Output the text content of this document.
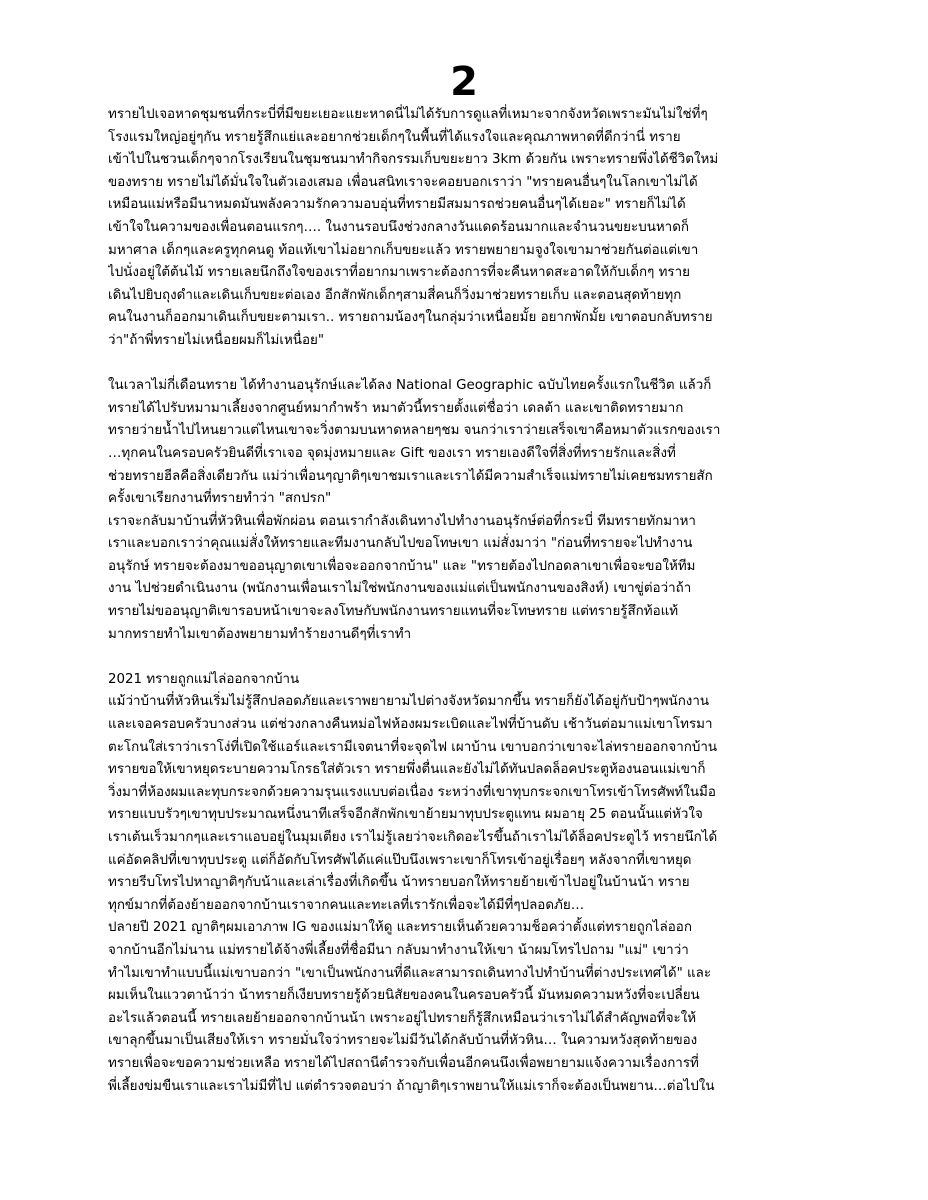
2
ทรายไปเจอหาดชุมชนที่กระบี่ที่มีขยะเยอะแยะหาดนี่ไม่ได้รับการดูแลที่เหมาะจากจังหวัดเพราะมันไม่ใช่ที่ๆ
โรงแรมใหญ่อยู่ๆกัน ทรายรู้สึกแย่และอยากช่วยเด็กๆในพื้นที่ได้แรงใจและคุณภาพหาดที่ดีกว่านี่ ทราย
เข้าไปในชวนเด็กๆจากโรงเรียนในชุมชนมาทำกิจกรรมเก็บขยะยาว 3km ด้วยกัน เพราะทรายพึ่งได้ชีวิตใหม่
ของทราย ทรายไม่ได้มั่นใจในตัวเองเสมอ เพื่อนสนิทเราจะคอยบอกเราว่า "ทรายคนอื่นๆในโลกเขาไม่ได้
เหมือนแม่หรือมีนาหมดมันพลังความรักความอบอุ่นที่ทรายมีสมมารถช่วยคนอื่นๆได้เยอะ" ทรายก็ไม่ได้
เข้าใจในความของเพื่อนตอนแรกๆ…. ในงานรอบนึงช่วงกลางวันแดดร้อนมากและจำนวนขยะบนหาดก็
มหาศาล เด็กๆและครูทุกคนดู ท้อแท้เขาไม่อยากเก็บขยะแล้ว ทรายพยายามจูงใจเขามาช่วยกันต่อแต่เขา
ไปนั่งอยู่ใต้ต้นไม้ ทรายเลยนึกถึงใจของเราที่อยากมาเพราะต้องการที่จะคืนหาดสะอาดให้กับเด็กๆ ทราย
เดินไปยิบถุงดำและเดินเก็บขยะต่อเอง อีกสักพักเด็กๆสามสี่คนก็วิ่งมาช่วยทรายเก็บ และตอนสุดท้ายทุก
คนในงานก็ออกมาเดินเก็บขยะตามเรา.. ทรายถามน้องๆในกลุ่มว่าเหนื่อยมั้ย อยากพักมั้ย เขาตอบกลับทราย
ว่า"ถ้าพี่ทรายไม่เหนื่อยผมก็ไม่เหนื่อย"
ในเวลาไม่กี่เดือนทราย ได้ทำงานอนุรักษ์และได้ลง National Geographic ฉบับไทยครั้งแรกในชีวิต แล้วก็
ทรายได้ไปรับหมามาเลี้ยงจากศูนย์หมากำพร้า หมาตัวนี้ทรายตั้งแต่ชื่อว่า เดลต้า และเขาติดทรายมาก
ทรายว่ายน้ำไปไหนยาวแต่ไหนเขาจะวิ่งตามบนหาดหลายๆชม จนกว่าเราว่ายเสร็จเขาคือหมาตัวแรกของเรา
…ทุกคนในครอบครัวยินดีที่เราเจอ จุดมุ่งหมายและ Gift ของเรา ทรายเองดีใจที่สิ่งที่ทรายรักและสิ่งที่
ช่วยทรายฮีลคือสิ่งเดียวกัน แม่ว่าเพื่อนๆญาติๆเขาชมเราและเราได้มีความสำเร็จแม่ทรายไม่เคยชมทรายสัก
ครั้งเขาเรียกงานที่ทรายทำว่า "สกปรก"
เราจะกลับมาบ้านที่หัวหินเพื่อพักผ่อน ตอนเรากำลังเดินทางไปทำงานอนุรักษ์ต่อที่กระบี่ ทีมทรายทักมาหา
เราและบอกเราว่าคุณแม่สั่งให้ทรายและทีมงานกลับไปขอโทษเขา แม่สั่งมาว่า "ก่อนที่ทรายจะไปทำงาน
อนุรักษ์ ทรายจะต้องมาขออนุญาตเขาเพื่อจะออกจากบ้าน" และ "ทรายต้องไปกอดลาเขาเพื่อจะขอให้ทีม
งาน ไปช่วยดำเนินงาน (พนักงานเพื่อนเราไม่ใช่พนักงานของแม่แต่เป็นพนักงานของสิงห์) เขาขู่ต่อว่าถ้า
ทรายไม่ขออนุญาติเขารอบหน้าเขาจะลงโทษกับพนักงานทรายแทนที่จะโทษทราย แต่ทรายรู้สึกท้อแท้
มากทรายทำไมเขาต้องพยายามทำร้ายงานดีๆที่เราทำ
2021 ทรายถูกแม่ไล่ออกจากบ้าน
แม้ว่าบ้านที่หัวหินเริ่มไม่รู้สึกปลอดภัยและเราพยายามไปต่างจังหวัดมากขึ้น ทรายก็ยังได้อยู่กับป้าๆพนักงาน
และเจอครอบครัวบางส่วน แต่ช่วงกลางคืนหม่อไฟห้องผมระเบิดและไฟที่บ้านดับ เช้าวันต่อมาแม่เขาโทรมา
ตะโกนใส่เราว่าเราโง่ที่เปิดใช้แอร์และเรามีเจตนาที่จะจุดไฟ เผาบ้าน เขาบอกว่าเขาจะไล่ทรายออกจากบ้าน
ทรายขอให้เขาหยุดระบายความโกรธใส่ตัวเรา ทรายพึ่งตื่นและยังไม่ได้ทันปลดล็อคประตูห้องนอนแม่เขาก็
วิ่งมาที่ห้องผมและทุบกระจกด้วยความรุนแรงแบบต่อเนื่อง ระหว่างที่เขาทุบกระจกเขาโทรเข้าโทรศัพท์ในมือ
ทรายแบบรัวๆเขาทุบประมาณหนึ่งนาทีเสร็จอีกสักพักเขาย้ายมาทุบประตูแทน ผมอายุ 25 ตอนนั้นแต่หัวใจ
เราเต้นเร็วมากๆและเราแอบอยู่ในมุมเตียง เราไม่รู้เลยว่าจะเกิดอะไรขึ้นถ้าเราไม่ได้ล็อคประตูไว้ ทรายนึกได้
แค่อัดคลิปที่เขาทุบประตู แต่ก็อัดกับโทรศัพได้แค่แป๊บนึงเพราะเขาก็โทรเข้าอยู่เรื่อยๆ หลังจากที่เขาหยุด
ทรายรีบโทรไปหาญาติๆกับน้าและเล่าเรื่องที่เกิดขึ้น น้าทรายบอกให้ทรายย้ายเข้าไปอยู่ในบ้านน้า ทราย
ทุกข์มากที่ต้องย้ายออกจากบ้านเราจากคนและทะเลที่เรารักเพื่อจะได้มีที่ๆปลอดภัย…
ปลายปี 2021 ญาติๆผมเอาภาพ IG ของแม่มาให้ดู และทรายเห็นด้วยความช็อคว่าตั้งแต่ทรายถูกไล่ออก
จากบ้านอีกไม่นาน แม่ทรายได้จ้างพี่เลี้ยงที่ชื่อมีนา กลับมาทำงานให้เขา น้าผมโทรไปถาม "แม่" เขาว่า
ทำไมเขาทำแบบนี้แม่เขาบอกว่า "เขาเป็นพนักงานที่ดีและสามารถเดินทางไปทำบ้านที่ต่างประเทศได้" และ
ผมเห็นในแววตาน้าว่า น้าทรายก็เงียบทรายรู้ด้วยนิสัยของคนในครอบครัวนี้ มันหมดความหวังที่จะเปลี่ยน
อะไรแล้วตอนนี้ ทรายเลยย้ายออกจากบ้านน้า เพราะอยู่ไปทรายก็รู้สึกเหมือนว่าเราไม่ได้สำคัญพอที่จะให้
เขาลุกขึ้นมาเป็นเสียงให้เรา ทรายมั่นใจว่าทรายจะไม่มีวันได้กลับบ้านที่หัวหิน… ในความหวังสุดท้ายของ
ทรายเพื่อจะขอความช่วยเหลือ ทรายได้ไปสถานีตำรวจกับเพื่อนอีกคนนึงเพื่อพยายามแจ้งความเรื่องการที่
พี่เลี้ยงข่มขืนเราและเราไม่มีที่ไป แต่ตำรวจตอบว่า ถ้าญาติๆเราพยานให้แม่เราก็จะต้องเป็นพยาน…ต่อไปใน
